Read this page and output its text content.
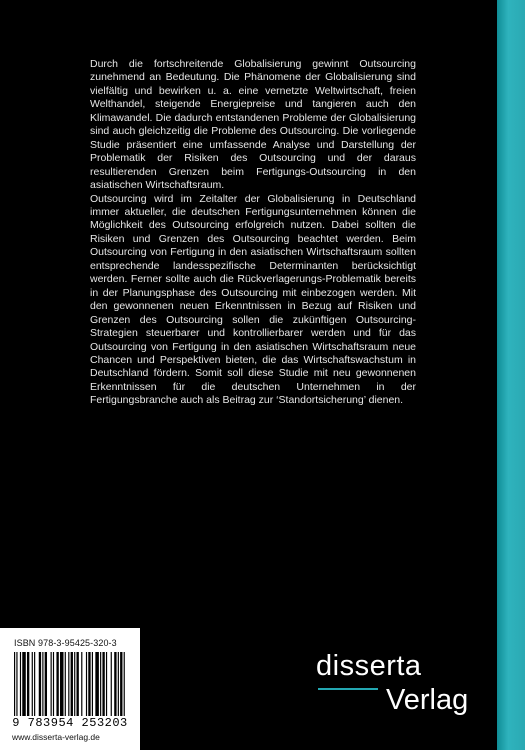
Durch die fortschreitende Globalisierung gewinnt Outsourcing zunehmend an Bedeutung. Die Phänomene der Globalisierung sind vielfältig und bewirken u. a. eine vernetzte Weltwirtschaft, freien Welthandel, steigende Energiepreise und tangieren auch den Klimawandel. Die dadurch entstandenen Probleme der Globalisierung sind auch gleichzeitig die Probleme des Outsourcing. Die vorliegende Studie präsentiert eine umfassende Analyse und Darstellung der Problematik der Risiken des Outsourcing und der daraus resultierenden Grenzen beim Fertigungs-Outsourcing in den asiatischen Wirtschaftsraum.

Outsourcing wird im Zeitalter der Globalisierung in Deutschland immer aktueller, die deutschen Fertigungsunternehmen können die Möglichkeit des Outsourcing erfolgreich nutzen. Dabei sollten die Risiken und Grenzen des Outsourcing beachtet werden. Beim Outsourcing von Fertigung in den asiatischen Wirtschaftsraum sollten entsprechende landesspezifische Determinanten berücksichtigt werden. Ferner sollte auch die Rückverlagerungs-Problematik bereits in der Planungsphase des Outsourcing mit einbezogen werden. Mit den gewonnenen neuen Erkenntnissen in Bezug auf Risiken und Grenzen des Outsourcing sollen die zukünftigen Outsourcing-Strategien steuerbarer und kontrollierbarer werden und für das Outsourcing von Fertigung in den asiatischen Wirtschaftsraum neue Chancen und Perspektiven bieten, die das Wirtschaftswachstum in Deutschland fördern. Somit soll diese Studie mit neu gewonnenen Erkenntnissen für die deutschen Unternehmen in der Fertigungsbranche auch als Beitrag zur ‘Standortsicherung’ dienen.

ISBN 978-3-95425-320-3
9 783954 253203
www.disserta-verlag.de
disserta
Verlag
